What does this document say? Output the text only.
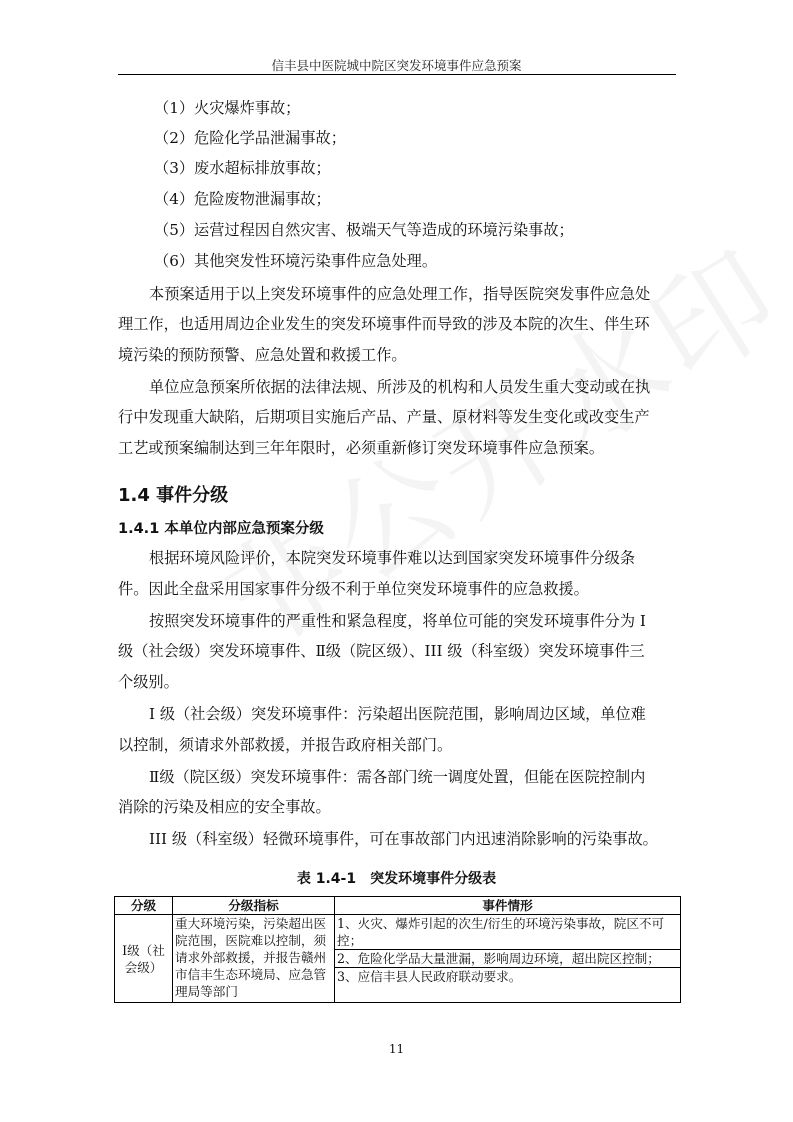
信丰县中医院城中院区突发环境事件应急预案
（1）火灾爆炸事故；
（2）危险化学品泄漏事故；
（3）废水超标排放事故；
（4）危险废物泄漏事故；
（5）运营过程因自然灾害、极端天气等造成的环境污染事故；
（6）其他突发性环境污染事件应急处理。
本预案适用于以上突发环境事件的应急处理工作，指导医院突发事件应急处
理工作，也适用周边企业发生的突发环境事件而导致的涉及本院的次生、伴生环
境污染的预防预警、应急处置和救援工作。
单位应急预案所依据的法律法规、所涉及的机构和人员发生重大变动或在执
行中发现重大缺陷，后期项目实施后产品、产量、原材料等发生变化或改变生产
工艺或预案编制达到三年年限时，必须重新修订突发环境事件应急预案。
1.4 事件分级
1.4.1 本单位内部应急预案分级
根据环境风险评价，本院突发环境事件难以达到国家突发环境事件分级条
件。因此全盘采用国家事件分级不利于单位突发环境事件的应急救援。
按照突发环境事件的严重性和紧急程度，将单位可能的突发环境事件分为 I
级（社会级）突发环境事件、Ⅱ级（院区级）、III 级（科室级）突发环境事件三
个级别。
I 级（社会级）突发环境事件：污染超出医院范围，影响周边区域，单位难
以控制，须请求外部救援，并报告政府相关部门。
Ⅱ级（院区级）突发环境事件：需各部门统一调度处置，但能在医院控制内
消除的污染及相应的安全事故。
III 级（科室级）轻微环境事件，可在事故部门内迅速消除影响的污染事故。
表 1.4-1　突发环境事件分级表
分级	分级指标	事件情形
I级（社会级）	重大环境污染，污染超出医院范围，医院难以控制，须请求外部救援，并报告赣州市信丰生态环境局、应急管理局等部门	1、火灾、爆炸引起的次生/衍生的环境污染事故，院区不可控；
		2、危险化学品大量泄漏，影响周边环境，超出院区控制；
		3、应信丰县人民政府联动要求。
11
